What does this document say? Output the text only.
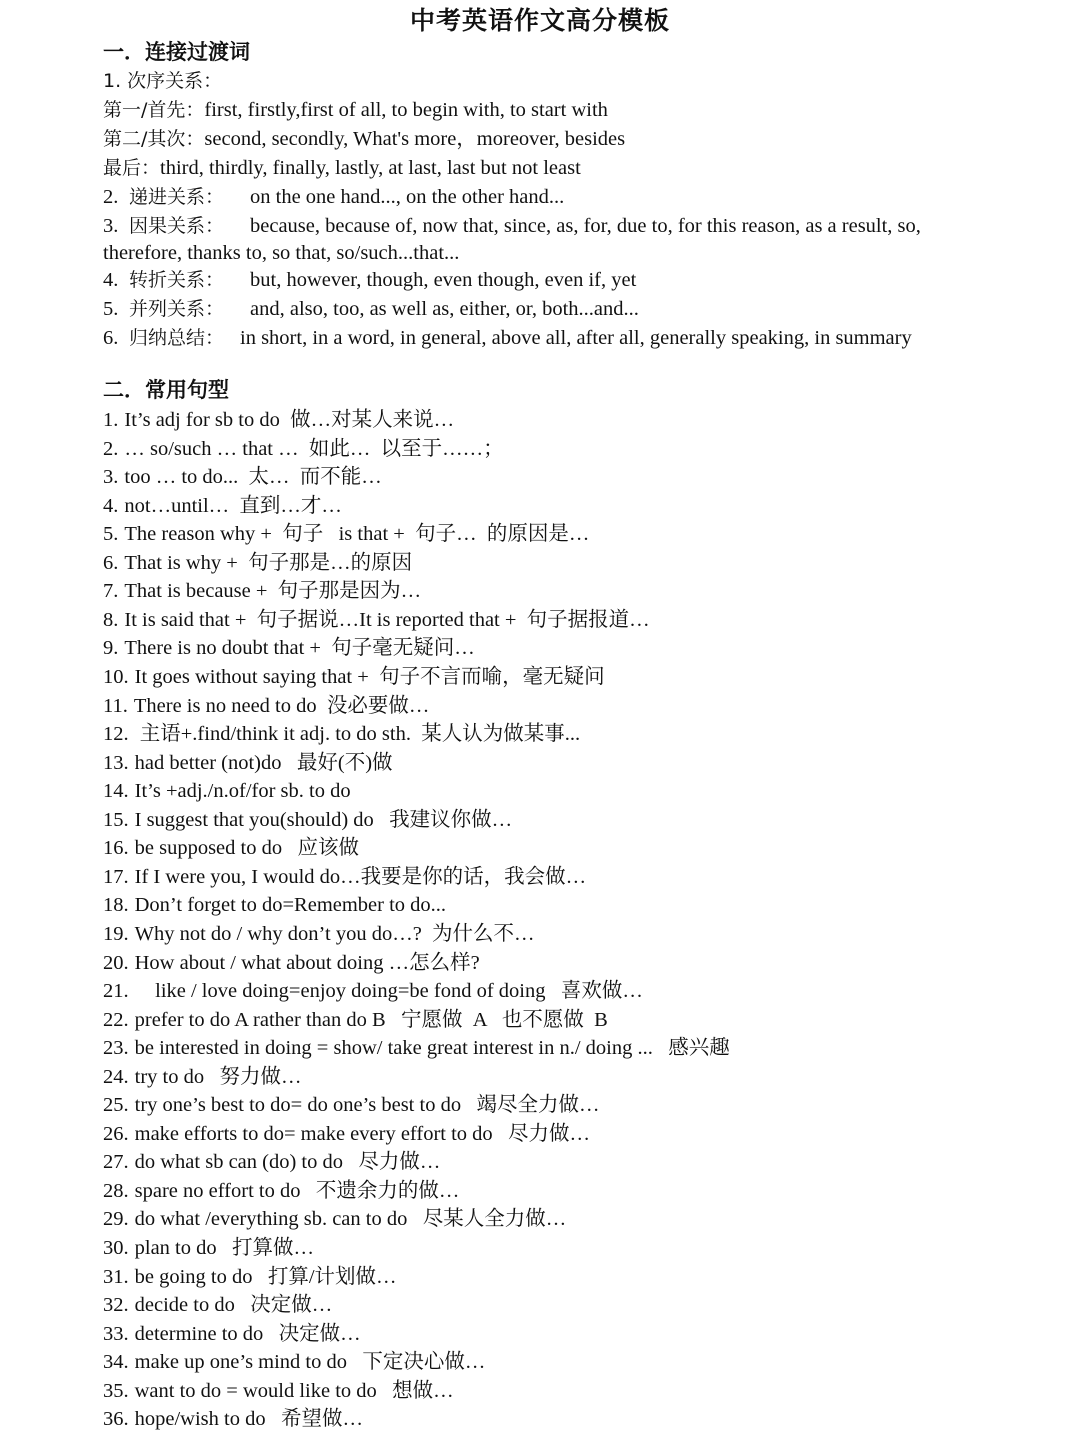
中考英语作文高分模板
一．连接过渡词
1. 次序关系：
第一/首先：first, firstly,first of all, to begin with, to start with
第二/其次：second, secondly, What's more，moreover, besides
最后：third, thirdly, finally, lastly, at last, last but not least
2. 递进关系： on the one hand..., on the other hand...
3. 因果关系： because, because of, now that, since, as, for, due to, for this reason, as a result, so,
therefore, thanks to, so that, so/such...that...
4. 转折关系： but, however, though, even though, even if, yet
5. 并列关系： and, also, too, as well as, either, or, both...and...
6. 归纳总结： in short, in a word, in general, above all, after all, generally speaking, in summary
二．常用句型
1. It’s adj for sb to do  做…对某人来说…
2. … so/such … that …  如此…  以至于……；
3. too … to do...  太…  而不能…
4. not…until…  直到…才…
5. The reason why +  句子   is that +  句子…  的原因是…
6. That is why +  句子那是…的原因
7. That is because +  句子那是因为…
8. It is said that +  句子据说…It is reported that +  句子据报道…
9. There is no doubt that +  句子毫无疑问…
10. It goes without saying that +  句子不言而喻，毫无疑问
11. There is no need to do  没必要做…
12. 主语+.find/think it adj. to do sth.  某人认为做某事...
13. had better (not)do   最好(不)做
14. It’s +adj./n.of/for sb. to do
15. I suggest that you(should) do   我建议你做…
16. be supposed to do   应该做
17. If I were you, I would do…我要是你的话，我会做…
18. Don’t forget to do=Remember to do...
19. Why not do / why don’t you do…?  为什么不…
20. How about / what about doing …怎么样?
21.    like / love doing=enjoy doing=be fond of doing   喜欢做…
22. prefer to do A rather than do B   宁愿做  A   也不愿做  B
23. be interested in doing = show/ take great interest in n./ doing ...   感兴趣
24. try to do   努力做…
25. try one’s best to do= do one’s best to do   竭尽全力做…
26. make efforts to do= make every effort to do   尽力做…
27. do what sb can (do) to do   尽力做…
28. spare no effort to do   不遗余力的做…
29. do what /everything sb. can to do   尽某人全力做…
30. plan to do   打算做…
31. be going to do   打算/计划做…
32. decide to do   决定做…
33. determine to do   决定做…
34. make up one’s mind to do   下定决心做…
35. want to do = would like to do   想做…
36. hope/wish to do   希望做…
